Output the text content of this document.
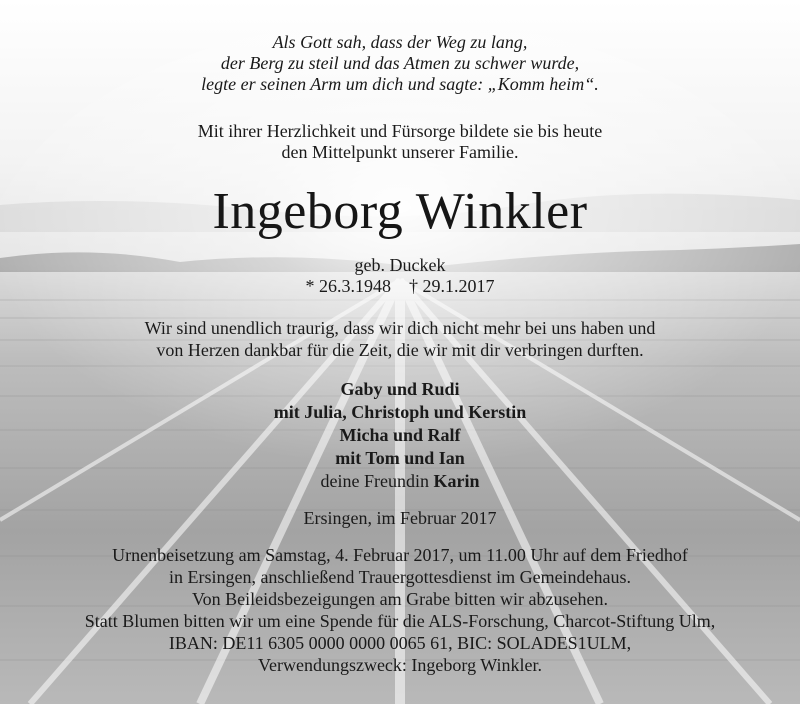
Als Gott sah, dass der Weg zu lang,
der Berg zu steil und das Atmen zu schwer wurde,
legte er seinen Arm um dich und sagte: „Komm heim“.
Mit ihrer Herzlichkeit und Fürsorge bildete sie bis heute
den Mittelpunkt unserer Familie.
Ingeborg Winkler
geb. Duckek
* 26.3.1948 † 29.1.2017
Wir sind unendlich traurig, dass wir dich nicht mehr bei uns haben und
von Herzen dankbar für die Zeit, die wir mit dir verbringen durften.
Gaby und Rudi
mit Julia, Christoph und Kerstin
Micha und Ralf
mit Tom und Ian
deine Freundin Karin
Ersingen, im Februar 2017
Urnenbeisetzung am Samstag, 4. Februar 2017, um 11.00 Uhr auf dem Friedhof
in Ersingen, anschließend Trauergottesdienst im Gemeindehaus.
Von Beileidsbezeigungen am Grabe bitten wir abzusehen.
Statt Blumen bitten wir um eine Spende für die ALS-Forschung, Charcot-Stiftung Ulm,
IBAN: DE11 6305 0000 0000 0065 61, BIC: SOLADES1ULM,
Verwendungszweck: Ingeborg Winkler.
